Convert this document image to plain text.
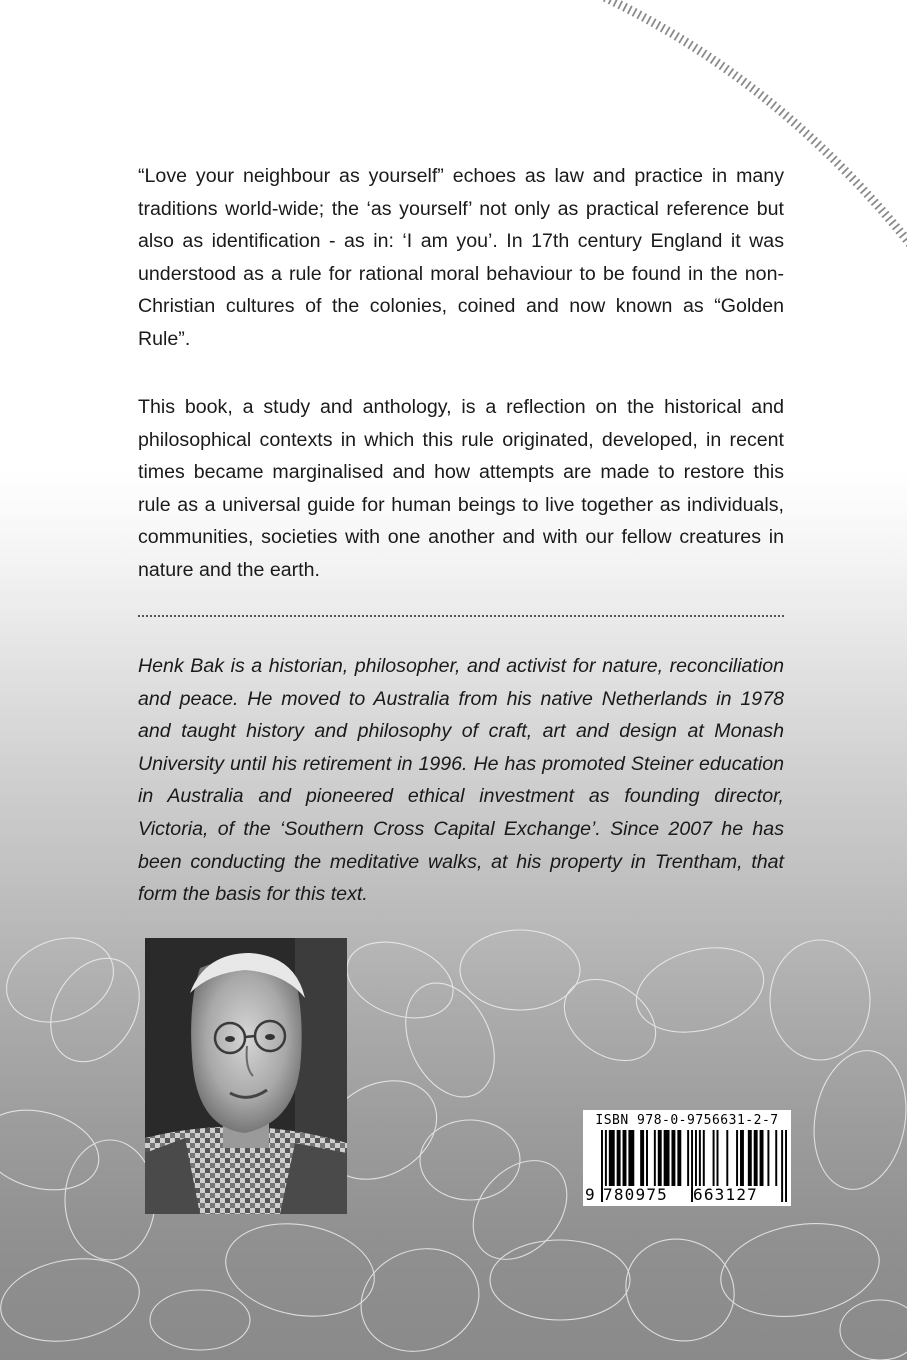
“Love your neighbour as yourself” echoes as law and practice in many traditions world-wide; the ‘as yourself’ not only as practical reference but also as identification - as in: ‘I am you’. In 17th century England it was understood as a rule for rational moral behaviour to be found in the non-Christian cultures of the colonies, coined and now known as “Golden Rule”.

This book, a study and anthology, is a reflection on the historical and philosophical contexts in which this rule originated, developed, in recent times became marginalised and how attempts are made to restore this rule as a universal guide for human beings to live together as individuals, communities, societies with one another and with our fellow creatures in nature and the earth.

Henk Bak is a historian, philosopher, and activist for nature, reconciliation and peace. He moved to Australia from his native Netherlands in 1978 and taught history and philosophy of craft, art and design at Monash University until his retirement in 1996. He has promoted Steiner education in Australia and pioneered ethical investment as founding director, Victoria, of the ‘Southern Cross Capital Exchange’. Since 2007 he has been conducting the meditative walks, at his property in Trentham, that form the basis for this text.

ISBN 978-0-9756631-2-7
9 780975 663127
